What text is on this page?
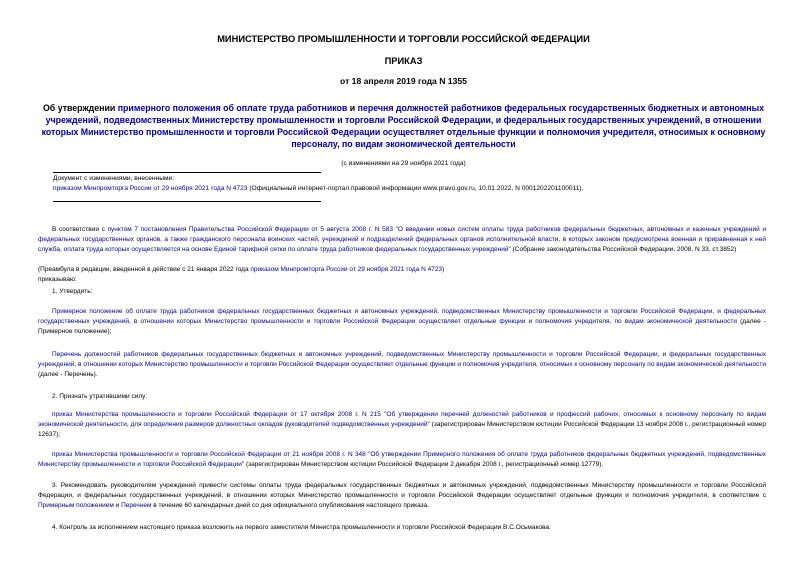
МИНИСТЕРСТВО ПРОМЫШЛЕННОСТИ И ТОРГОВЛИ РОССИЙСКОЙ ФЕДЕРАЦИИ
ПРИКАЗ
от 18 апреля 2019 года N 1355
Об утверждении примерного положения об оплате труда работников и перечня должностей работников федеральных государственных бюджетных и автономных учреждений, подведомственных Министерству промышленности и торговли Российской Федерации, и федеральных государственных учреждений, в отношении которых Министерство промышленности и торговли Российской Федерации осуществляет отдельные функции и полномочия учредителя, относимых к основному персоналу, по видам экономической деятельности
(с изменениями на 29 ноября 2021 года)
Документ с изменениями, внесенными:
приказом Минпромторга России от 29 ноября 2021 года N 4723 (Официальный интернет-портал правовой информации www.pravo.gov.ru, 10.01.2022, N 0001202201100011).
В соответствии с пунктом 7 постановления Правительства Российской Федерации от 5 августа 2008 г. N 583 "О введении новых систем оплаты труда работников федеральных бюджетных, автономных и казенных учреждений и федеральных государственных органов, а также гражданского персонала воинских частей, учреждений и подразделений федеральных органов исполнительной власти, в которых законом предусмотрена военная и приравненная к ней служба, оплата труда которых осуществляется на основе Единой тарифной сетки по оплате труда работников федеральных государственных учреждений" (Собрание законодательства Российской Федерации, 2008, N 33, ст.3852)
(Преамбула в редакции, введенной в действие с 21 января 2022 года приказом Минпромторга России от 29 ноября 2021 года N 4723)
приказываю:
1. Утвердить:
Примерное положение об оплате труда работников федеральных государственных бюджетных и автономных учреждений, подведомственных Министерству промышленности и торговли Российской Федерации, и федеральных государственных учреждений, в отношении которых Министерство промышленности и торговли Российской Федерации осуществляет отдельные функции и полномочия учредителя, по видам экономической деятельности (далее - Примерное положение);
Перечень должностей работников федеральных государственных бюджетных и автономных учреждений, подведомственных Министерству промышленности и торговли Российской Федерации, и федеральных государственных учреждений, в отношении которых Министерство промышленности и торговли Российской Федерации осуществляет отдельные функции и полномочия учредителя, относимых к основному персоналу по видам экономической деятельности (далее - Перечень).
2. Признать утратившими силу:
приказ Министерства промышленности и торговли Российской Федерации от 17 октября 2008 г. N 215 "Об утверждении перечней должностей работников и профессий рабочих, относимых к основному персоналу по видам экономической деятельности, для определения размеров должностных окладов руководителей подведомственных учреждений" (зарегистрирован Министерством юстиции Российской Федерации 13 ноября 2008 г., регистрационный номер 12637);
приказ Министерства промышленности и торговли Российской Федерации от 21 ноября 2008 г. N 348 "Об утверждении Примерного положения об оплате труда работников федеральных бюджетных учреждений, подведомственных Министерству промышленности и торговли Российской Федерации" (зарегистрирован Министерством юстиции Российской Федерации 2 декабря 2008 г., регистрационный номер 12779).
3. Рекомендовать руководителям учреждений привести системы оплаты труда федеральных государственных бюджетных и автономных учреждений, подведомственных Министерству промышленности и торговли Российской Федерации, и федеральных государственных учреждений, в отношении которых Министерство промышленности и торговли Российской Федерации осуществляет отдельные функции и полномочия учредителя, в соответствие с Примерным положением и Перечнем в течение 60 календарных дней со дня официального опубликования настоящего приказа.
4. Контроль за исполнением настоящего приказа возложить на первого заместителя Министра промышленности и торговли Российской Федерации В.С.Осьмакова.
